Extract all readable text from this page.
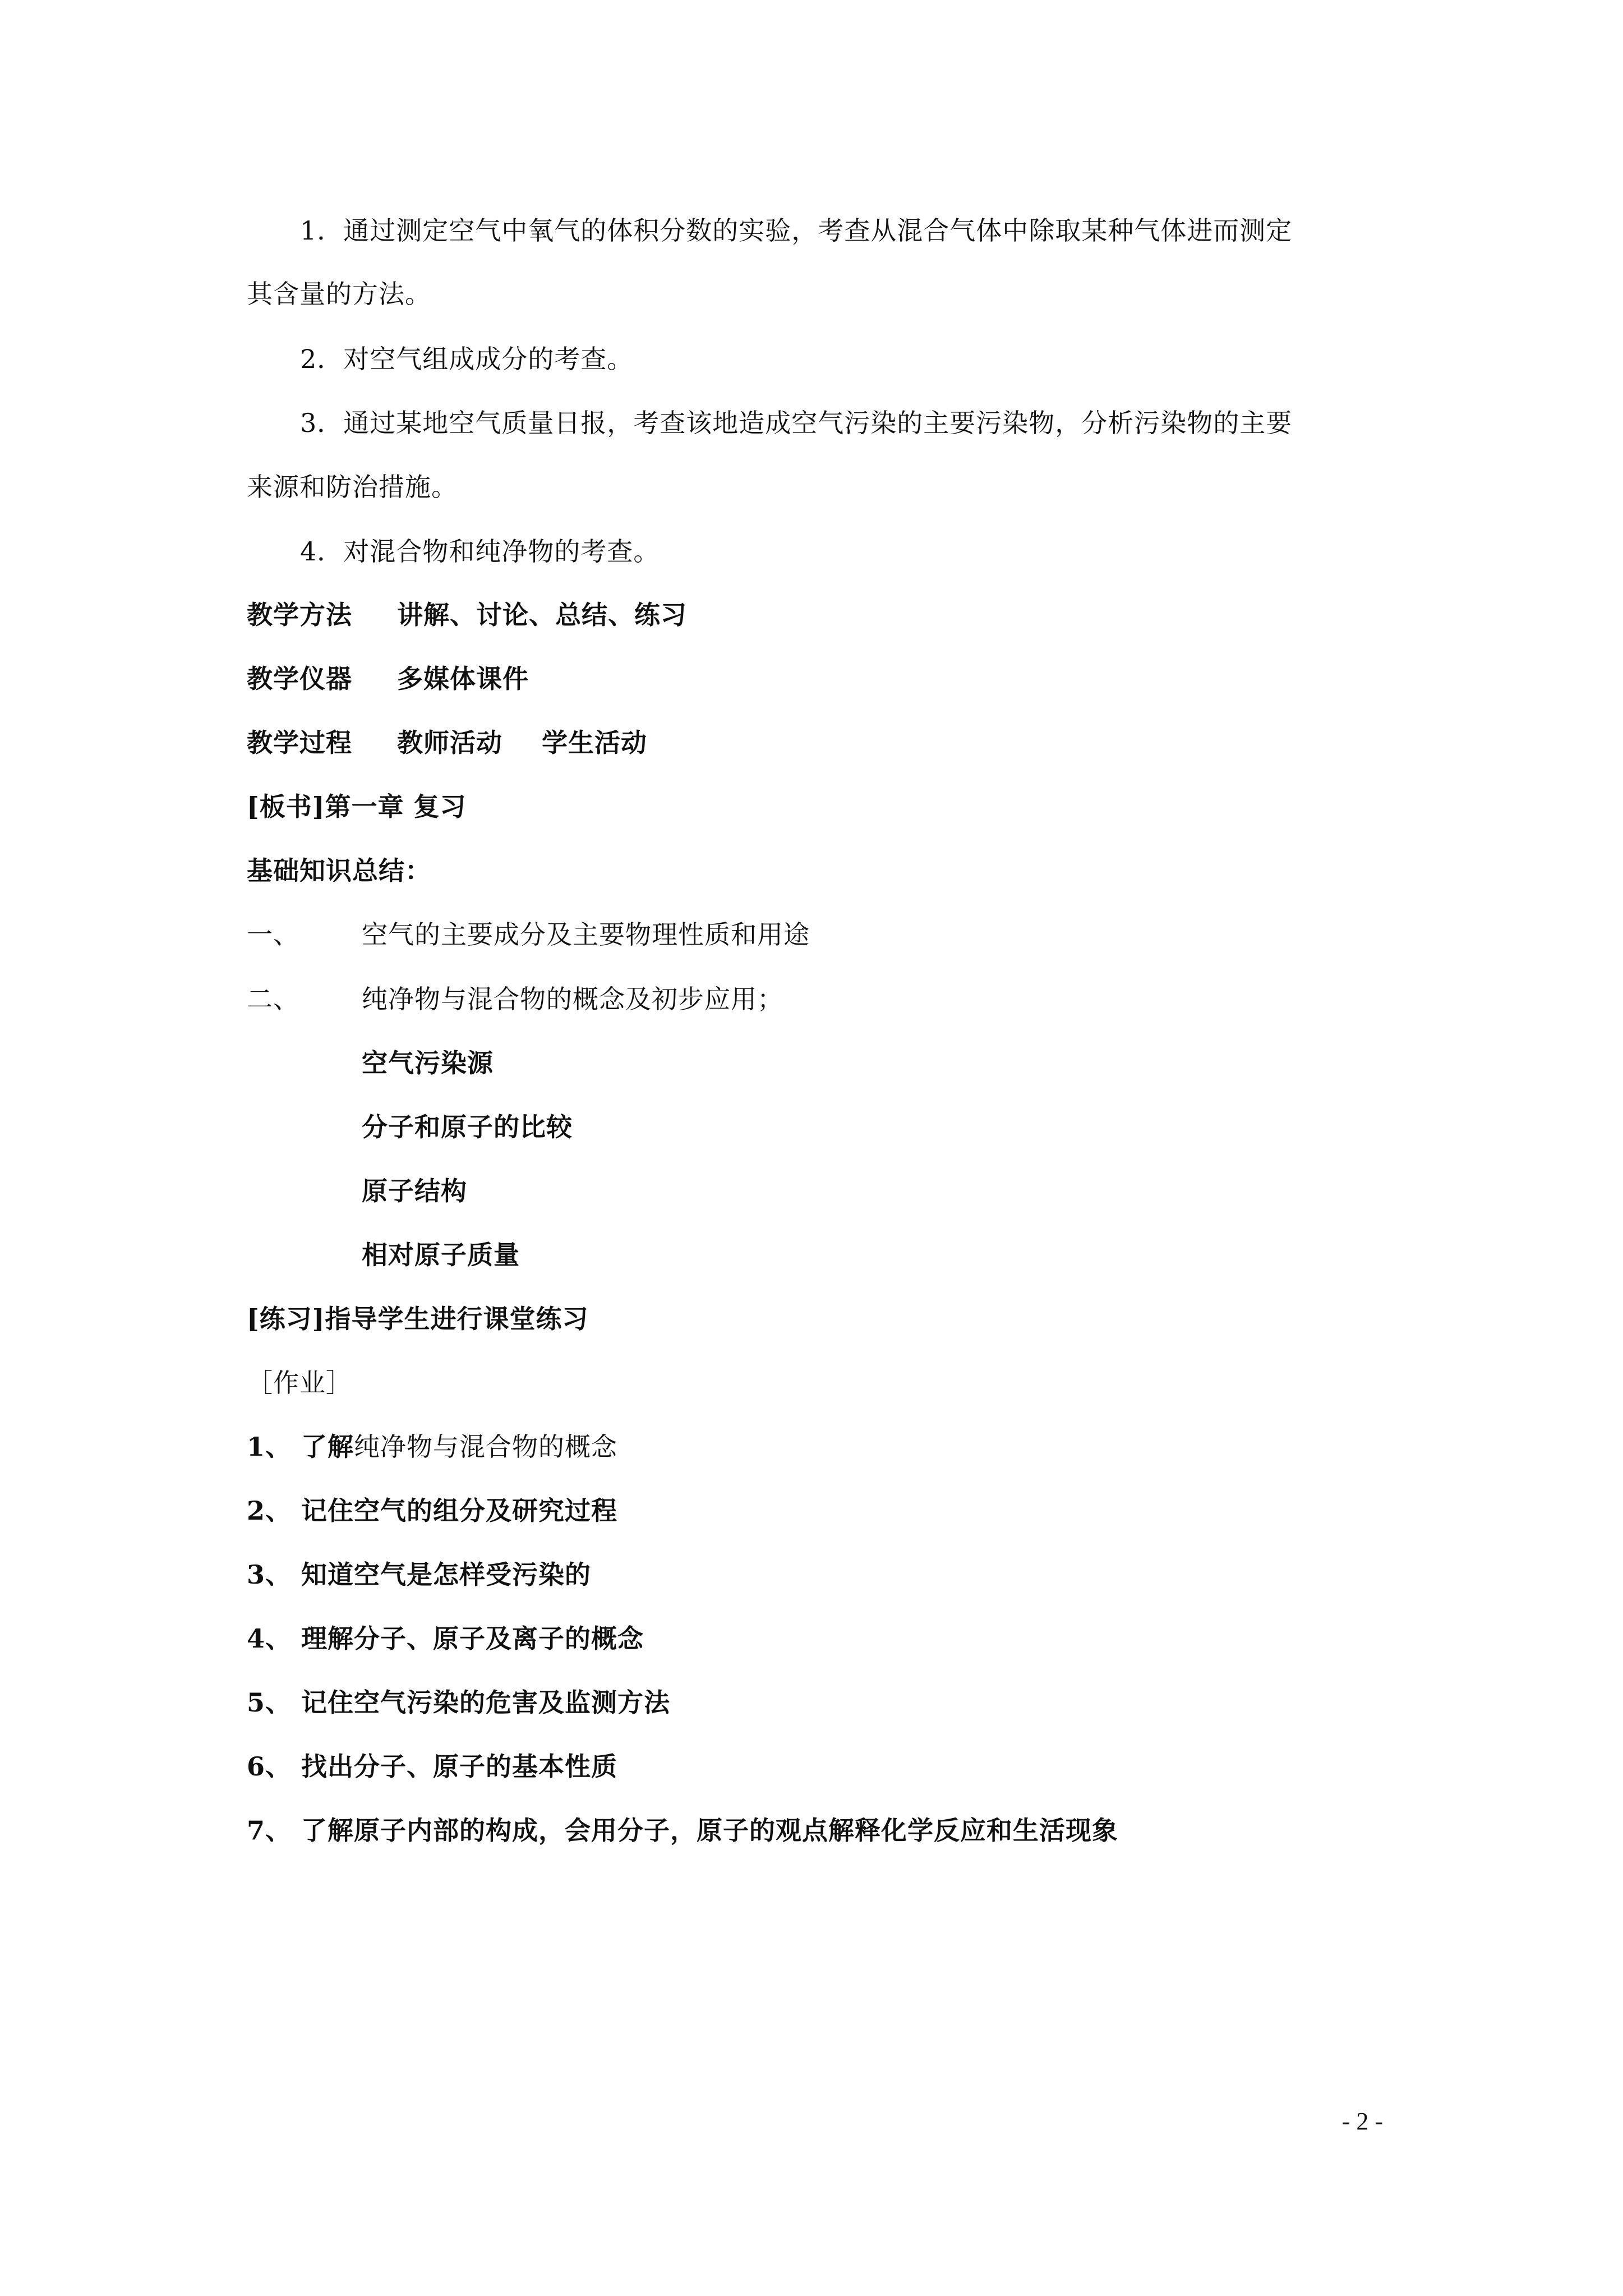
1．通过测定空气中氧气的体积分数的实验，考查从混合气体中除取某种气体进而测定
其含量的方法。
2．对空气组成成分的考查。
3．通过某地空气质量日报，考查该地造成空气污染的主要污染物，分析污染物的主要
来源和防治措施。
4．对混合物和纯净物的考查。
教学方法 讲解、讨论、总结、练习
教学仪器 多媒体课件
教学过程 教师活动 学生活动
[板书]第一章 复习
基础知识总结：
一、 空气的主要成分及主要物理性质和用途
二、 纯净物与混合物的概念及初步应用；
空气污染源
分子和原子的比较
原子结构
相对原子质量
[练习]指导学生进行课堂练习
［作业］
1、 了解纯净物与混合物的概念
2、 记住空气的组分及研究过程
3、 知道空气是怎样受污染的
4、 理解分子、原子及离子的概念
5、 记住空气污染的危害及监测方法
6、 找出分子、原子的基本性质
7、 了解原子内部的构成，会用分子，原子的观点解释化学反应和生活现象
- 2 -
